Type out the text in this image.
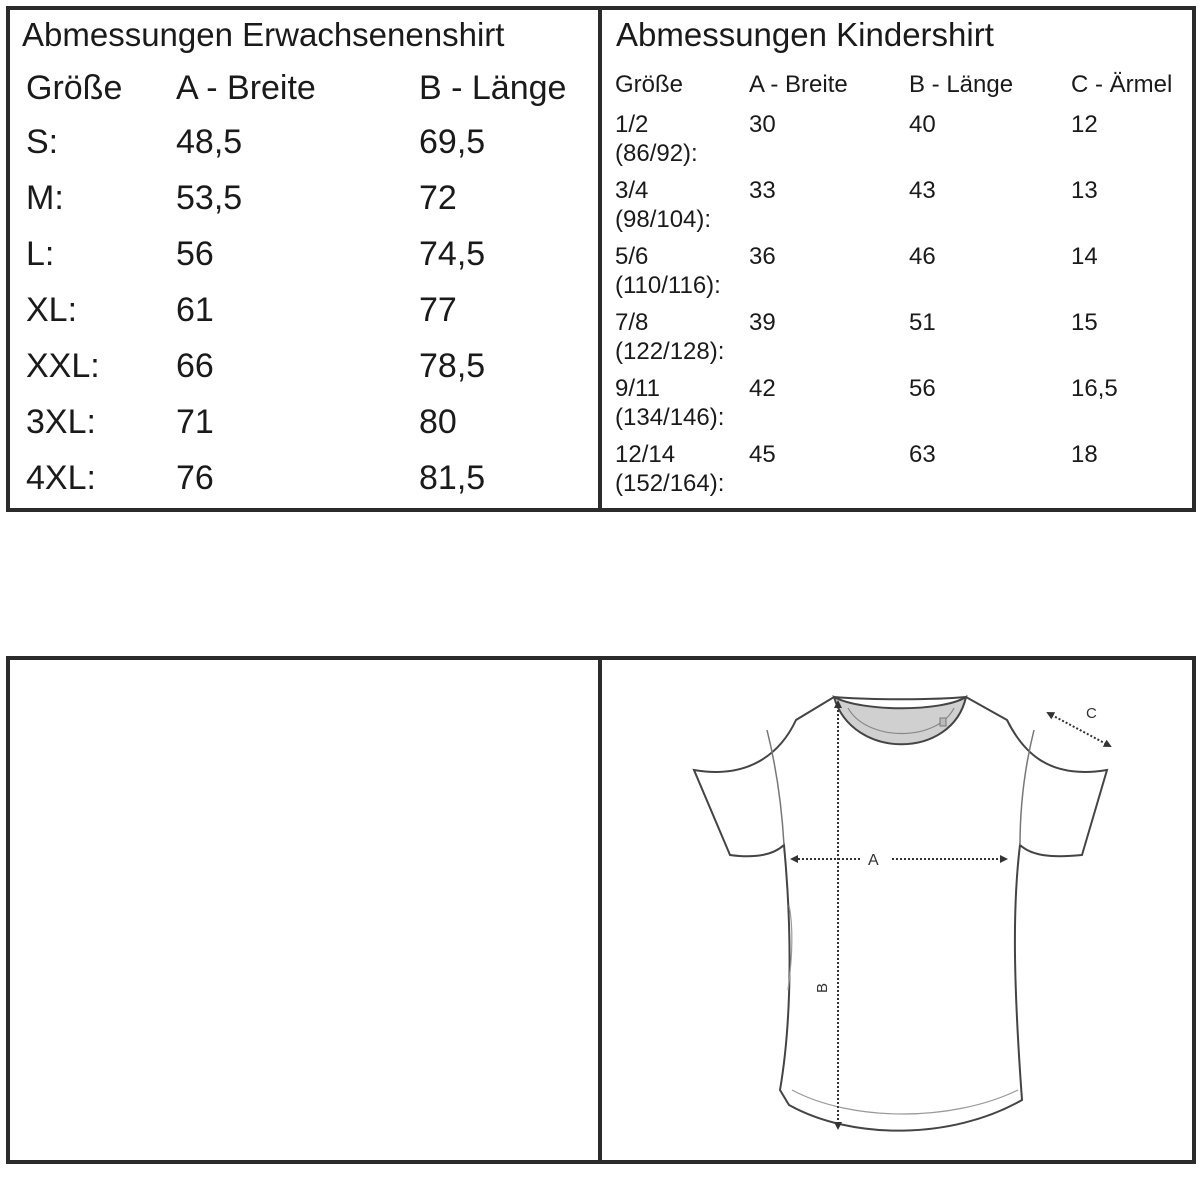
Abmessungen Erwachsenenshirt
Größe	A - Breite	B - Länge
S:	48,5	69,5
M:	53,5	72
L:	56	74,5
XL:	61	77
XXL:	66	78,5
3XL:	71	80
4XL:	76	81,5
Abmessungen Kindershirt
Größe	A - Breite	B - Länge	C - Ärmel
1/2
(86/92):	30	40	12
3/4
(98/104):	33	43	13
5/6
(110/116):	36	46	14
7/8
(122/128):	39	51	15
9/11
(134/146):	42	56	16,5
12/14
(152/164):	45	63	18
A
B
C
